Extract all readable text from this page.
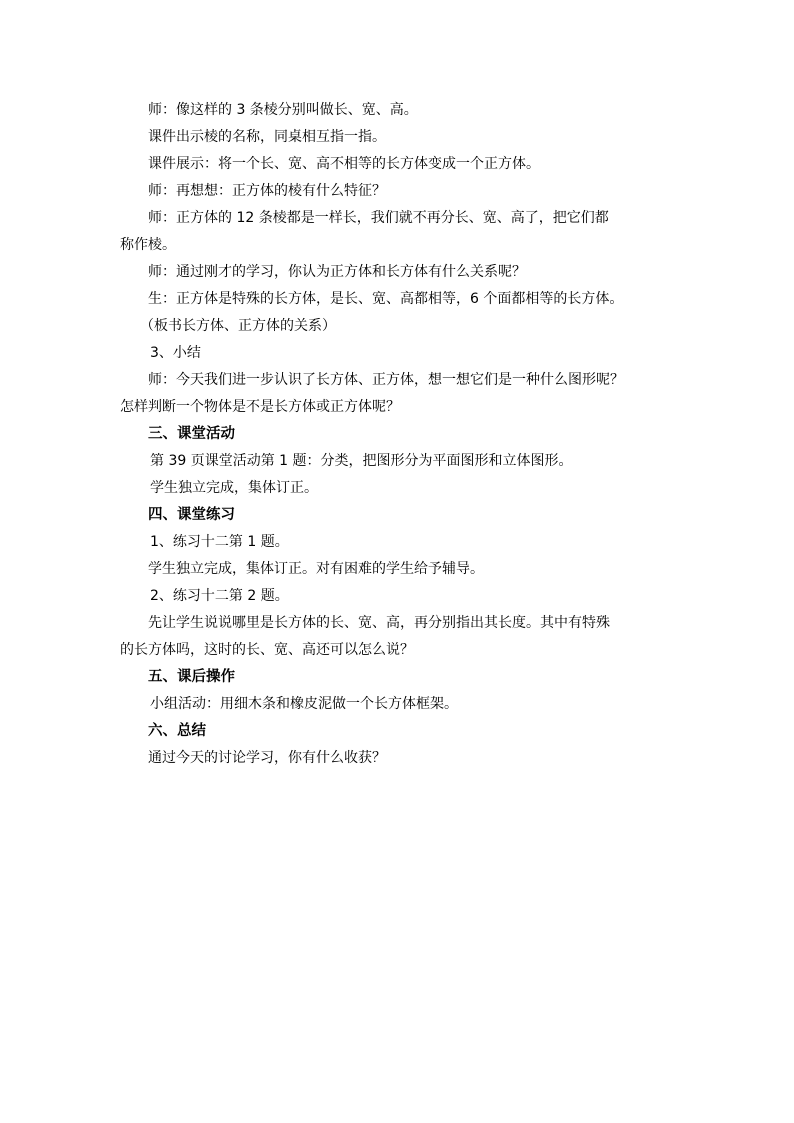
师：像这样的 3 条棱分别叫做长、宽、高。
课件出示棱的名称，同桌相互指一指。
课件展示：将一个长、宽、高不相等的长方体变成一个正方体。
师：再想想：正方体的棱有什么特征？
师：正方体的 12 条棱都是一样长，我们就不再分长、宽、高了，把它们都
称作棱。
师：通过刚才的学习，你认为正方体和长方体有什么关系呢？
生：正方体是特殊的长方体，是长、宽、高都相等，6 个面都相等的长方体。
（板书长方体、正方体的关系）
3、小结
师：今天我们进一步认识了长方体、正方体，想一想它们是一种什么图形呢？
怎样判断一个物体是不是长方体或正方体呢？
三、课堂活动
第 39 页课堂活动第 1 题：分类，把图形分为平面图形和立体图形。
学生独立完成，集体订正。
四、课堂练习
1、练习十二第 1 题。
学生独立完成，集体订正。对有困难的学生给予辅导。
2、练习十二第 2 题。
先让学生说说哪里是长方体的长、宽、高，再分别指出其长度。其中有特殊
的长方体吗，这时的长、宽、高还可以怎么说？
五、课后操作
小组活动：用细木条和橡皮泥做一个长方体框架。
六、总结
通过今天的讨论学习，你有什么收获？
